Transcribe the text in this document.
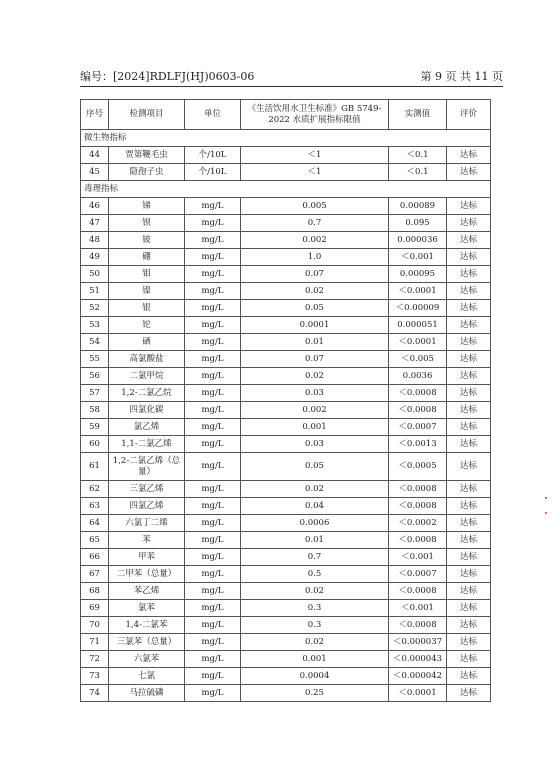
编号：[2024]RDLFJ(HJ)0603-06	第 9 页 共 11 页
序号	检测项目	单位	《生活饮用水卫生标准》GB 5749-2022 水质扩展指标限值	实测值	评价
微生物指标					
44	贾第鞭毛虫	个/10L	＜1	＜0.1	达标
45	隐孢子虫	个/10L	＜1	＜0.1	达标
毒理指标					
46	锑	mg/L	0.005	0.00089	达标
47	钡	mg/L	0.7	0.095	达标
48	铍	mg/L	0.002	0.000036	达标
49	硼	mg/L	1.0	＜0.001	达标
50	钼	mg/L	0.07	0.00095	达标
51	镍	mg/L	0.02	＜0.0001	达标
52	银	mg/L	0.05	＜0.00009	达标
53	铊	mg/L	0.0001	0.000051	达标
54	硒	mg/L	0.01	＜0.0001	达标
55	高氯酸盐	mg/L	0.07	＜0.005	达标
56	二氯甲烷	mg/L	0.02	0.0036	达标
57	1,2-二氯乙烷	mg/L	0.03	＜0.0008	达标
58	四氯化碳	mg/L	0.002	＜0.0008	达标
59	氯乙烯	mg/L	0.001	＜0.0007	达标
60	1,1-二氯乙烯	mg/L	0.03	＜0.0013	达标
61	1,2-二氯乙烯（总量）	mg/L	0.05	＜0.0005	达标
62	三氯乙烯	mg/L	0.02	＜0.0008	达标
63	四氯乙烯	mg/L	0.04	＜0.0008	达标
64	六氯丁二烯	mg/L	0.0006	＜0.0002	达标
65	苯	mg/L	0.01	＜0.0008	达标
66	甲苯	mg/L	0.7	＜0.001	达标
67	二甲苯（总量）	mg/L	0.5	＜0.0007	达标
68	苯乙烯	mg/L	0.02	＜0.0008	达标
69	氯苯	mg/L	0.3	＜0.001	达标
70	1,4-二氯苯	mg/L	0.3	＜0.0008	达标
71	三氯苯（总量）	mg/L	0.02	＜0.000037	达标
72	六氯苯	mg/L	0.001	＜0.000043	达标
73	七氯	mg/L	0.0004	＜0.000042	达标
74	马拉硫磷	mg/L	0.25	＜0.0001	达标
